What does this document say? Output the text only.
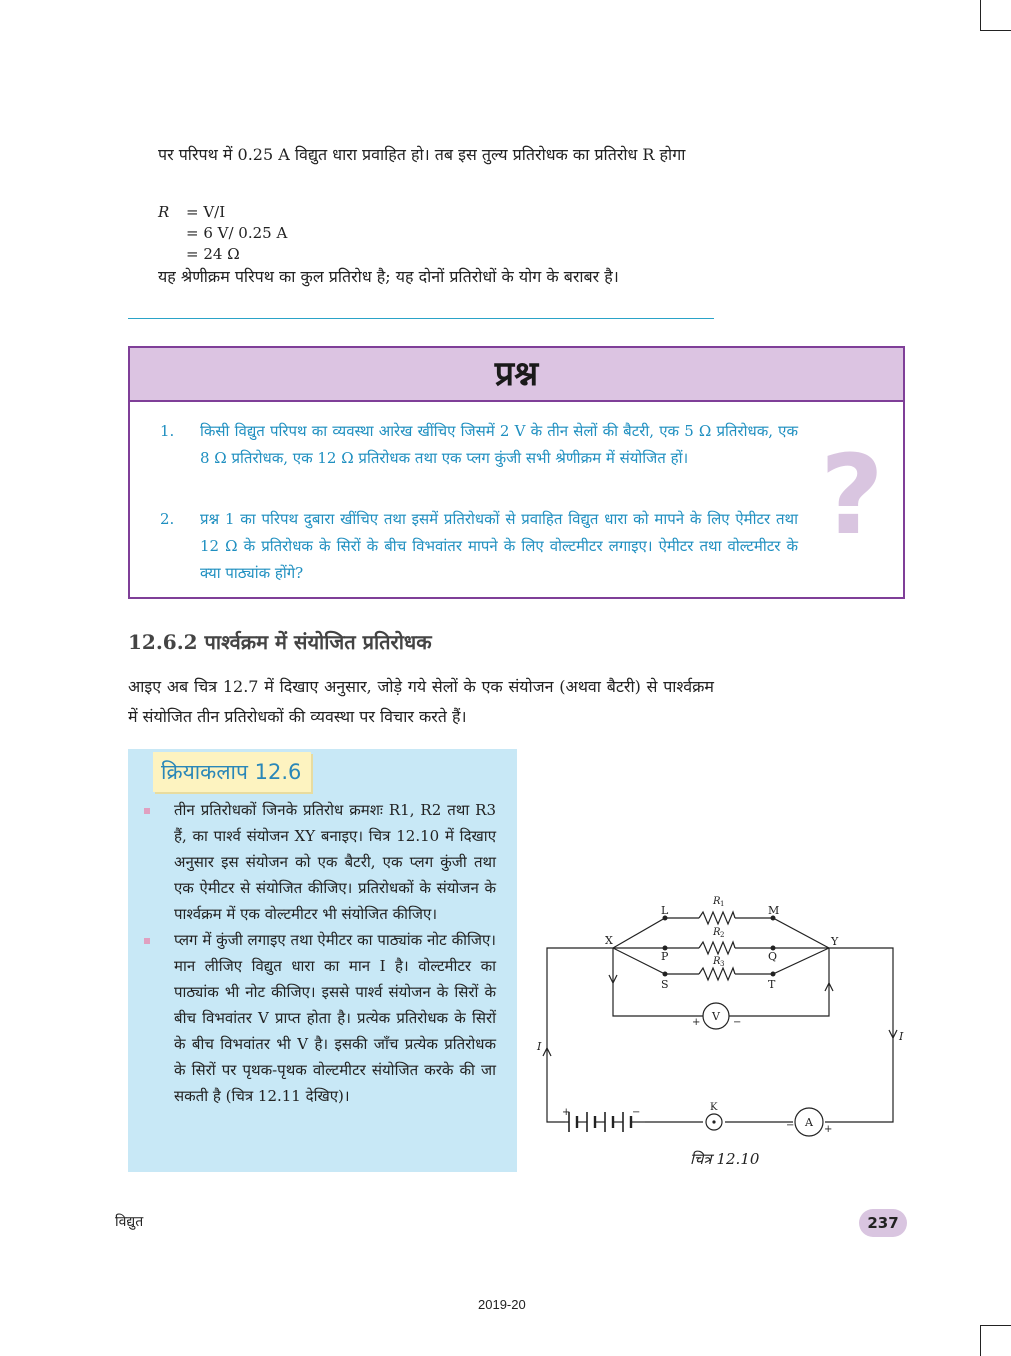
पर परिपथ में 0.25 A विद्युत धारा प्रवाहित हो। तब इस तुल्य प्रतिरोधक का प्रतिरोध R होगा
R = V/I
= 6 V/ 0.25 A
= 24 Ω
यह श्रेणीक्रम परिपथ का कुल प्रतिरोध है; यह दोनों प्रतिरोधों के योग के बराबर है।
प्रश्न
1. किसी विद्युत परिपथ का व्यवस्था आरेख खींचिए जिसमें 2 V के तीन सेलों की बैटरी, एक 5 Ω प्रतिरोधक, एक 8 Ω प्रतिरोधक, एक 12 Ω प्रतिरोधक तथा एक प्लग कुंजी सभी श्रेणीक्रम में संयोजित हों।
2. प्रश्न 1 का परिपथ दुबारा खींचिए तथा इसमें प्रतिरोधकों से प्रवाहित विद्युत धारा को मापने के लिए ऐमीटर तथा 12 Ω के प्रतिरोधक के सिरों के बीच विभवांतर मापने के लिए वोल्टमीटर लगाइए। ऐमीटर तथा वोल्टमीटर के क्या पाठ्यांक होंगे?
?
12.6.2 पार्श्वक्रम में संयोजित प्रतिरोधक
आइए अब चित्र 12.7 में दिखाए अनुसार, जोड़े गये सेलों के एक संयोजन (अथवा बैटरी) से पार्श्वक्रम में संयोजित तीन प्रतिरोधकों की व्यवस्था पर विचार करते हैं।
क्रियाकलाप 12.6
तीन प्रतिरोधकों जिनके प्रतिरोध क्रमशः R1, R2 तथा R3 हैं, का पार्श्व संयोजन XY बनाइए। चित्र 12.10 में दिखाए अनुसार इस संयोजन को एक बैटरी, एक प्लग कुंजी तथा एक ऐमीटर से संयोजित कीजिए। प्रतिरोधकों के संयोजन के पार्श्वक्रम में एक वोल्टमीटर भी संयोजित कीजिए।
प्लग में कुंजी लगाइए तथा ऐमीटर का पाठ्यांक नोट कीजिए। मान लीजिए विद्युत धारा का मान I है। वोल्टमीटर का पाठ्यांक भी नोट कीजिए। इससे पार्श्व संयोजन के सिरों के बीच विभवांतर V प्राप्त होता है। प्रत्येक प्रतिरोधक के सिरों के बीच विभवांतर भी V है। इसकी जाँच प्रत्येक प्रतिरोधक के सिरों पर पृथक-पृथक वोल्टमीटर संयोजित करके की जा सकती है (चित्र 12.11 देखिए)।
X	Y
L	M
P	Q
S	T
R 1
R 2
R 3
V
+	−
A
−	+
K
I
I
+	−
चित्र 12.10
विद्युत	237
2019-20
